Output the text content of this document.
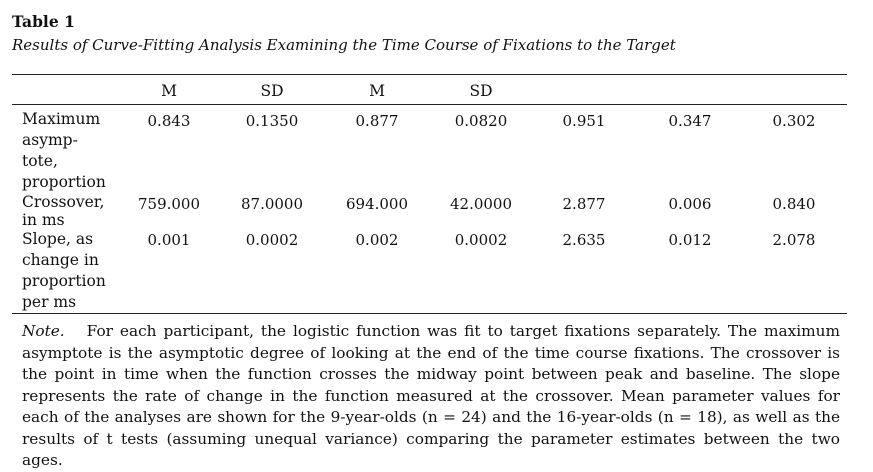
Table 1
Results of Curve-Fitting Analysis Examining the Time Course of Fixations to the Target
M	SD	M	SD
Maximum
asymp-
tote,
proportion
0.843	0.1350	0.877	0.0820	0.951	0.347	0.302
Crossover,
in ms
759.000	87.0000	694.000	42.0000	2.877	0.006	0.840
Slope, as
change in
proportion
per ms
0.001	0.0002	0.002	0.0002	2.635	0.012	2.078
Note. For each participant, the logistic function was fit to target fixations separately. The maximum asymptote is the asymptotic degree of looking at the end of the time course fixations. The crossover is the point in time when the function crosses the midway point between peak and baseline. The slope represents the rate of change in the function measured at the crossover. Mean parameter values for each of the analyses are shown for the 9-year-olds (n = 24) and the 16-year-olds (n = 18), as well as the results of t tests (assuming unequal variance) comparing the parameter estimates between the two ages.
